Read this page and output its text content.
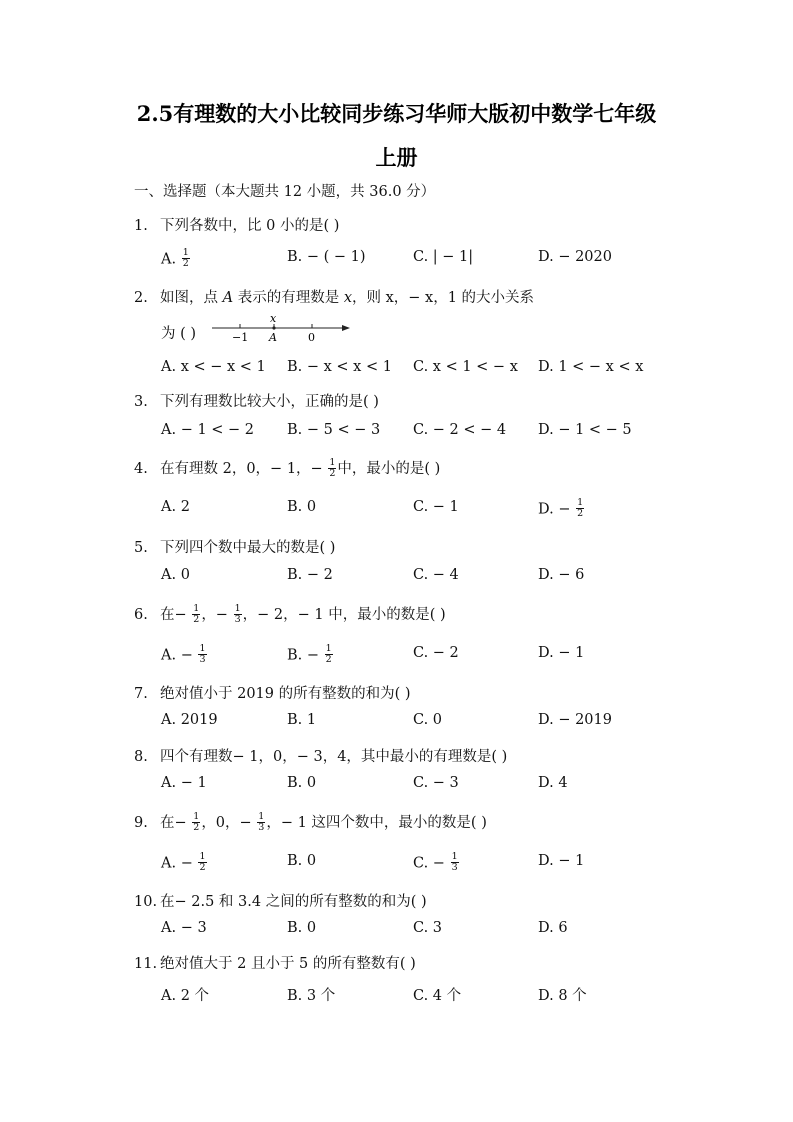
2.5有理数的大小比较同步练习华师大版初中数学七年级
上册
一、选择题（本大题共 12 小题，共 36.0 分）
1. 下列各数中，比 0 小的是( )
A. $\frac{1}{2}$	B. − ( − 1)	C. | − 1|	D. − 2020
2. 如图，点 A 表示的有理数是 x，则 x，− x，1 的大小关系
为 ( )
x
−1 A	0
A. x < − x < 1 B. − x < x < 1 C. x < 1 < − x D. 1 < − x < x
3. 下列有理数比较大小，正确的是( )
A. − 1 < − 2 B. − 5 < − 3 C. − 2 < − 4 D. − 1 < − 5
4. 在有理数 2，0，− 1，− $\frac{1}{2}$ 中，最小的是( )
A. 2	B. 0	C. − 1	D. − $\frac{1}{2}$
5. 下列四个数中最大的数是( )
A. 0	B. − 2	C. − 4	D. − 6
6. 在− $\frac{1}{2}$ ，− $\frac{1}{3}$ ，− 2，− 1 中，最小的数是( )
A. − $\frac{1}{3}$	B. − $\frac{1}{2}$	C. − 2	D. − 1
7. 绝对值小于 2019 的所有整数的和为( )
A. 2019	B. 1	C. 0	D. − 2019
8. 四个有理数− 1，0，− 3，4，其中最小的有理数是( )
A. − 1	B. 0	C. − 3	D. 4
9. 在− $\frac{1}{2}$ ，0，− $\frac{1}{3}$ ，− 1 这四个数中，最小的数是( )
A. − $\frac{1}{2}$	B. 0	C. − $\frac{1}{3}$	D. − 1
10. 在− 2.5 和 3.4 之间的所有整数的和为( )
A. − 3	B. 0	C. 3	D. 6
11. 绝对值大于 2 且小于 5 的所有整数有( )
A. 2 个	B. 3 个	C. 4 个	D. 8 个
